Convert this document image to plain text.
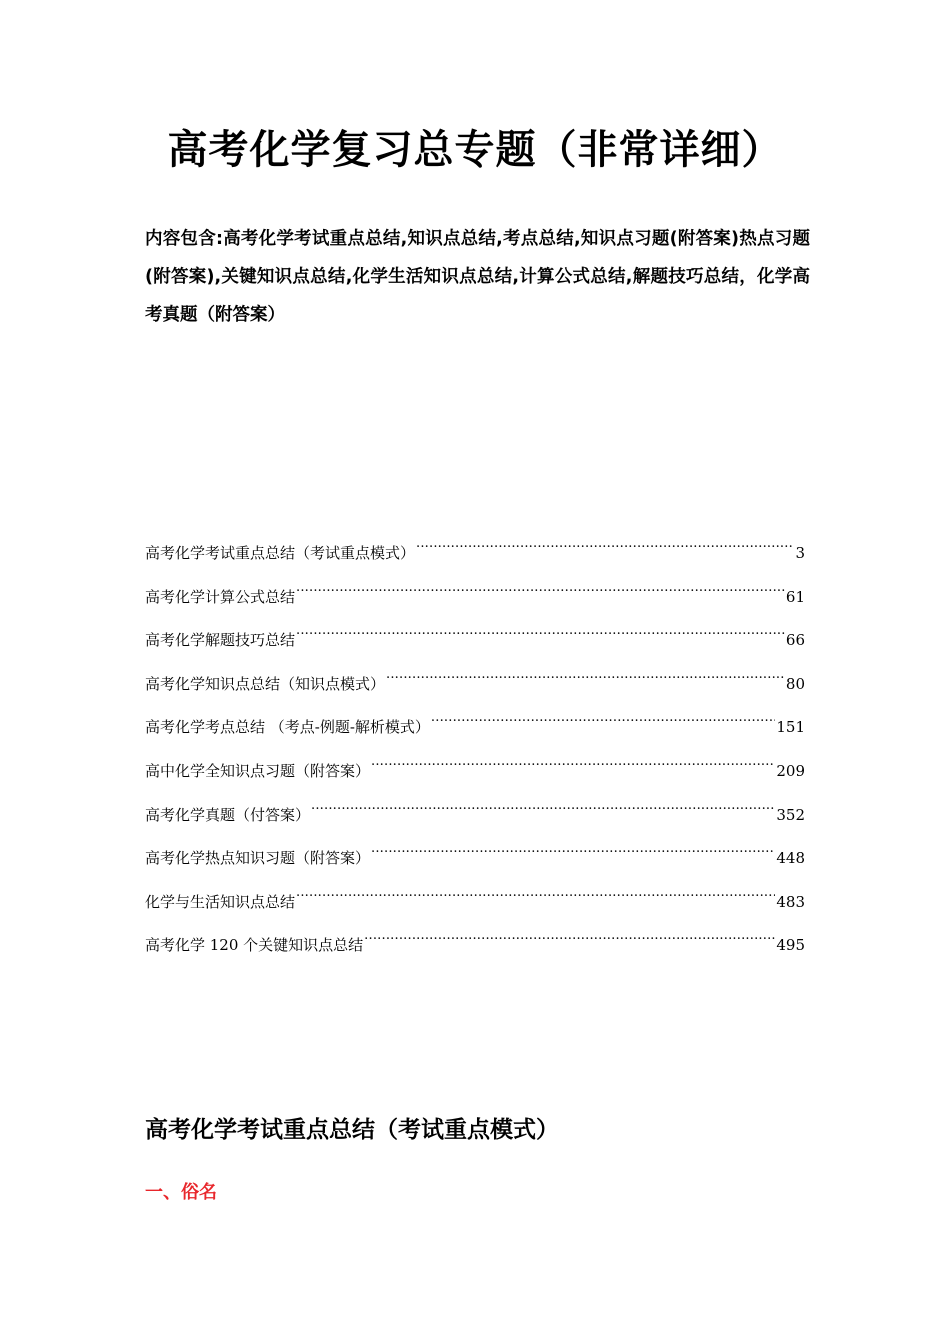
高考化学复习总专题（非常详细）

内容包含:高考化学考试重点总结,知识点总结,考点总结,知识点习题(附答案)热点习题(附答案),关键知识点总结,化学生活知识点总结,计算公式总结,解题技巧总结，化学高考真题（附答案）

高考化学考试重点总结（考试重点模式） .....	3
高考化学计算公式总结 .....	61
高考化学解题技巧总结 .....	66
高考化学知识点总结（知识点模式） .....	80
高考化学考点总结 （考点-例题-解析模式） .....	151
高中化学全知识点习题（附答案） .....	209
高考化学真题（付答案） .....	352
高考化学热点知识习题（附答案） .....	448
化学与生活知识点总结 .....	483
高考化学 120 个关键知识点总结 .....	495
高考化学考试重点总结（考试重点模式）
一、俗名
